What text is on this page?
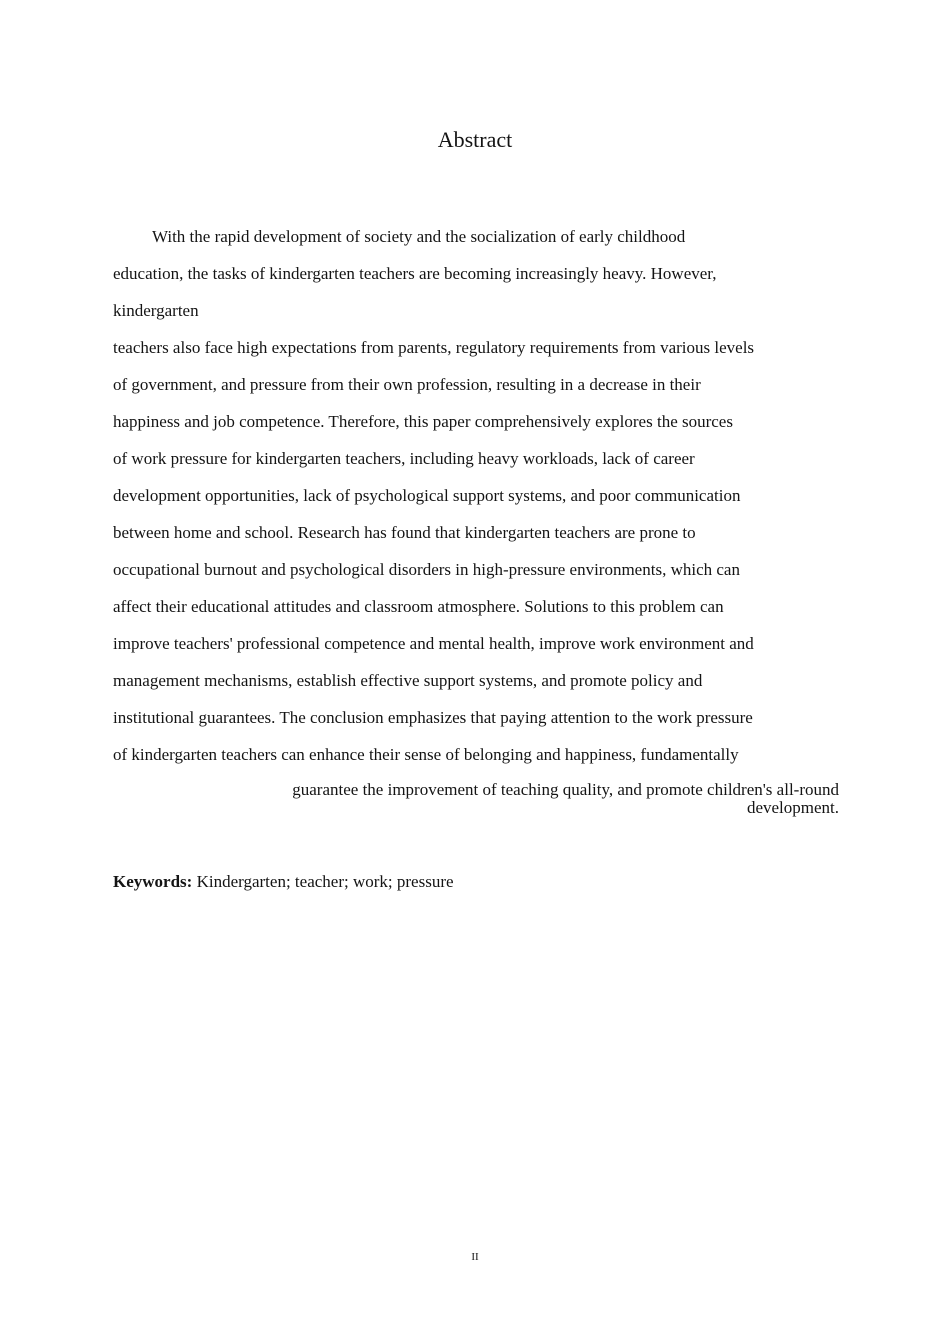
Abstract
With the rapid development of society and the socialization of early childhood
education, the tasks of kindergarten teachers are becoming increasingly heavy. However,
kindergarten
teachers also face high expectations from parents, regulatory requirements from various levels
of government, and pressure from their own profession, resulting in a decrease in their
happiness and job competence. Therefore, this paper comprehensively explores the sources
of work pressure for kindergarten teachers, including heavy workloads, lack of career
development opportunities, lack of psychological support systems, and poor communication
between home and school. Research has found that kindergarten teachers are prone to
occupational burnout and psychological disorders in high-pressure environments, which can
affect their educational attitudes and classroom atmosphere. Solutions to this problem can
improve teachers' professional competence and mental health, improve work environment and
management mechanisms, establish effective support systems, and promote policy and
institutional guarantees. The conclusion emphasizes that paying attention to the work pressure
of kindergarten teachers can enhance their sense of belonging and happiness, fundamentally
guarantee the improvement of teaching quality, and promote children's all-round
development.

Keywords: Kindergarten; teacher; work; pressure

II
